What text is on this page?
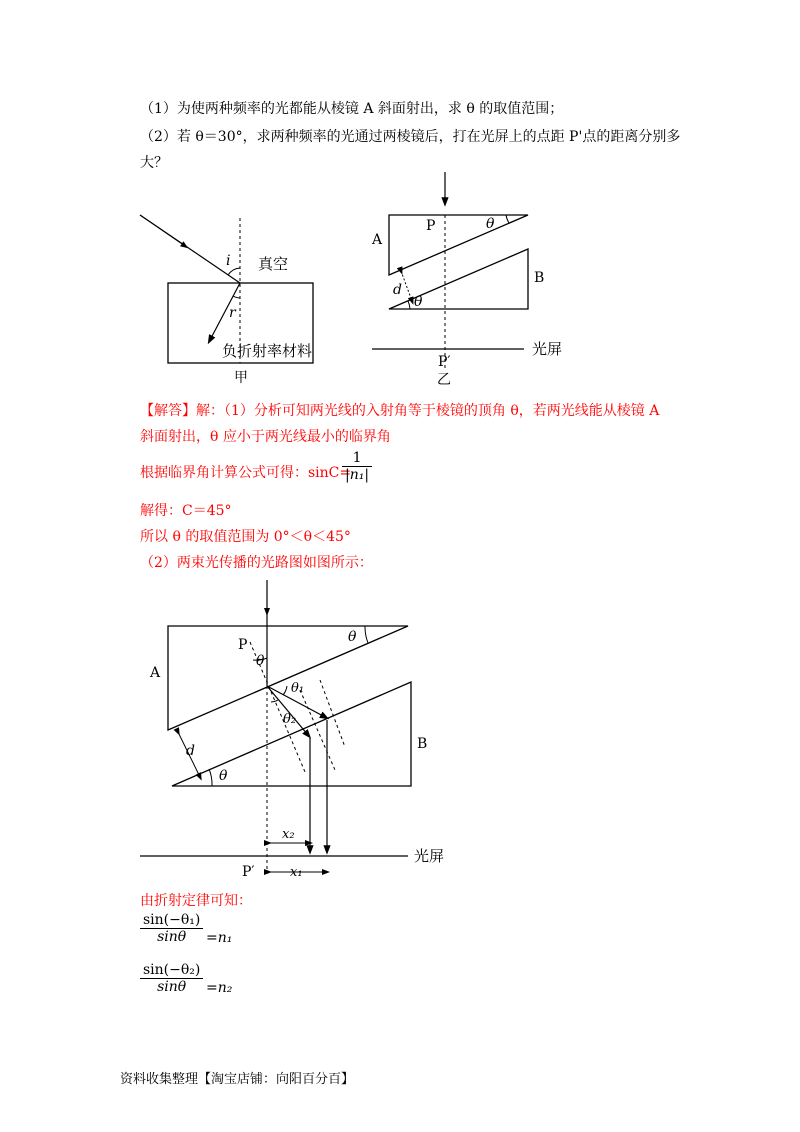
（1）为使两种频率的光都能从棱镜 A 斜面射出，求 θ 的取值范围；
（2）若 θ＝30°，求两种频率的光通过两棱镜后，打在光屏上的点距 P'点的距离分别多
大？
i
r
真空
负折射率材料
甲
A
B
P	θ
θ
d
P′
光屏
乙
【解答】解：（1）分析可知两光线的入射角等于棱镜的顶角 θ，若两光线能从棱镜 A
斜面射出，θ 应小于两光线最小的临界角
根据临界角计算公式可得：sinC=
1
|n₁|
解得：C＝45°
所以 θ 的取值范围为 0°＜θ＜45°
（2）两束光传播的光路图如图所示：
A
B
P	θ
θ
θ
θ₁
θ₂
d
x₂
x₁
P′
光屏
由折射定律可知：
sin(−θ₁)
sinθ	=n₁
sin(−θ₂)
sinθ	=n₂
资料收集整理【淘宝店铺：向阳百分百】
